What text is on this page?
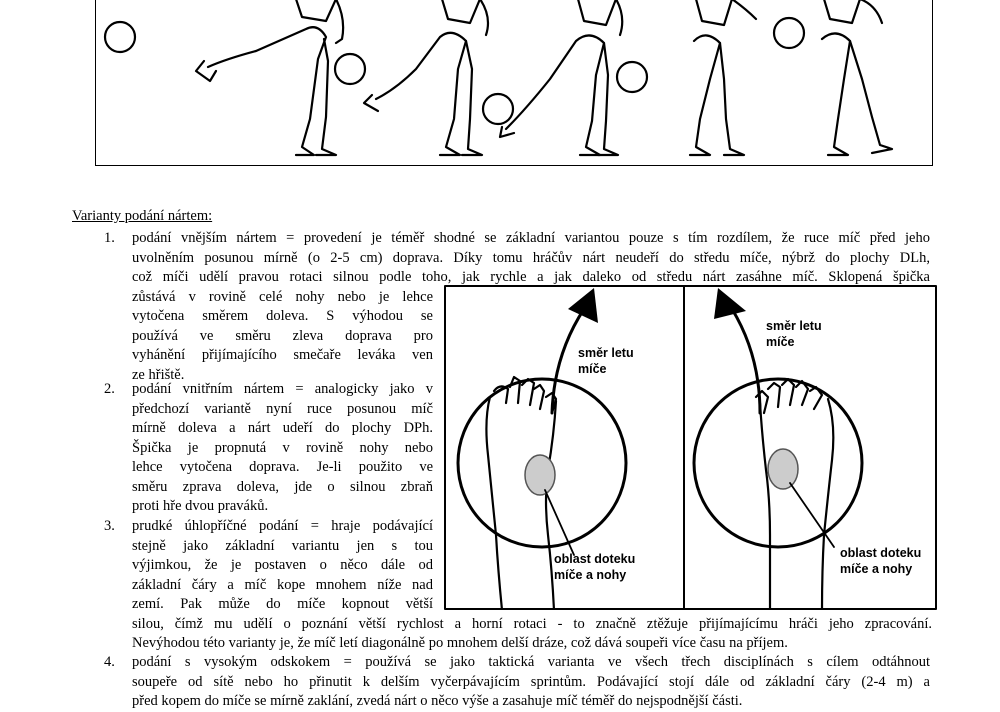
Varianty podání nártem:
1. podání vnějším nártem = provedení je téměř shodné se základní variantou pouze s tím rozdílem, že ruce míč před jeho
uvolněním posunou mírně (o 2-5 cm) doprava. Díky tomu hráčův nárt neudeří do středu míče, nýbrž do plochy DLh,
což míči udělí pravou rotaci silnou podle toho, jak rychle a jak daleko od středu nárt zasáhne míč. Sklopená špička
zůstává v rovině celé nohy nebo je lehce
vytočena směrem doleva. S výhodou se
používá ve směru zleva doprava pro
vyhánění přijímajícího smečaře leváka ven
ze hřiště.
2. podání vnitřním nártem = analogicky jako v
předchozí variantě nyní ruce posunou míč
mírně doleva a nárt udeří do plochy DPh.
Špička je propnutá v rovině nohy nebo
lehce vytočena doprava. Je-li použito ve
směru zprava doleva, jde o silnou zbraň
proti hře dvou praváků.
3. prudké úhlopříčné podání = hraje podávající
stejně jako základní variantu jen s tou
výjimkou, že je postaven o něco dále od
základní čáry a míč kope mnohem níže nad
zemí. Pak může do míče kopnout větší
silou, čímž mu udělí o poznání větší rychlost a horní rotaci - to značně ztěžuje přijímajícímu hráči jeho zpracování.
Nevýhodou této varianty je, že míč letí diagonálně po mnohem delší dráze, což dává soupeři více času na příjem.
4. podání s vysokým odskokem = používá se jako taktická varianta ve všech třech disciplínách s cílem odtáhnout
soupeře od sítě nebo ho přinutit k delším vyčerpávajícím sprintům. Podávající stojí dále od základní čáry (2-4 m) a
před kopem do míče se mírně zaklání, zvedá nárt o něco výše a zasahuje míč téměř do nejspodnější části.
směr letu
míče
oblast doteku
míče a nohy
směr letu
míče
oblast doteku
míče a nohy
